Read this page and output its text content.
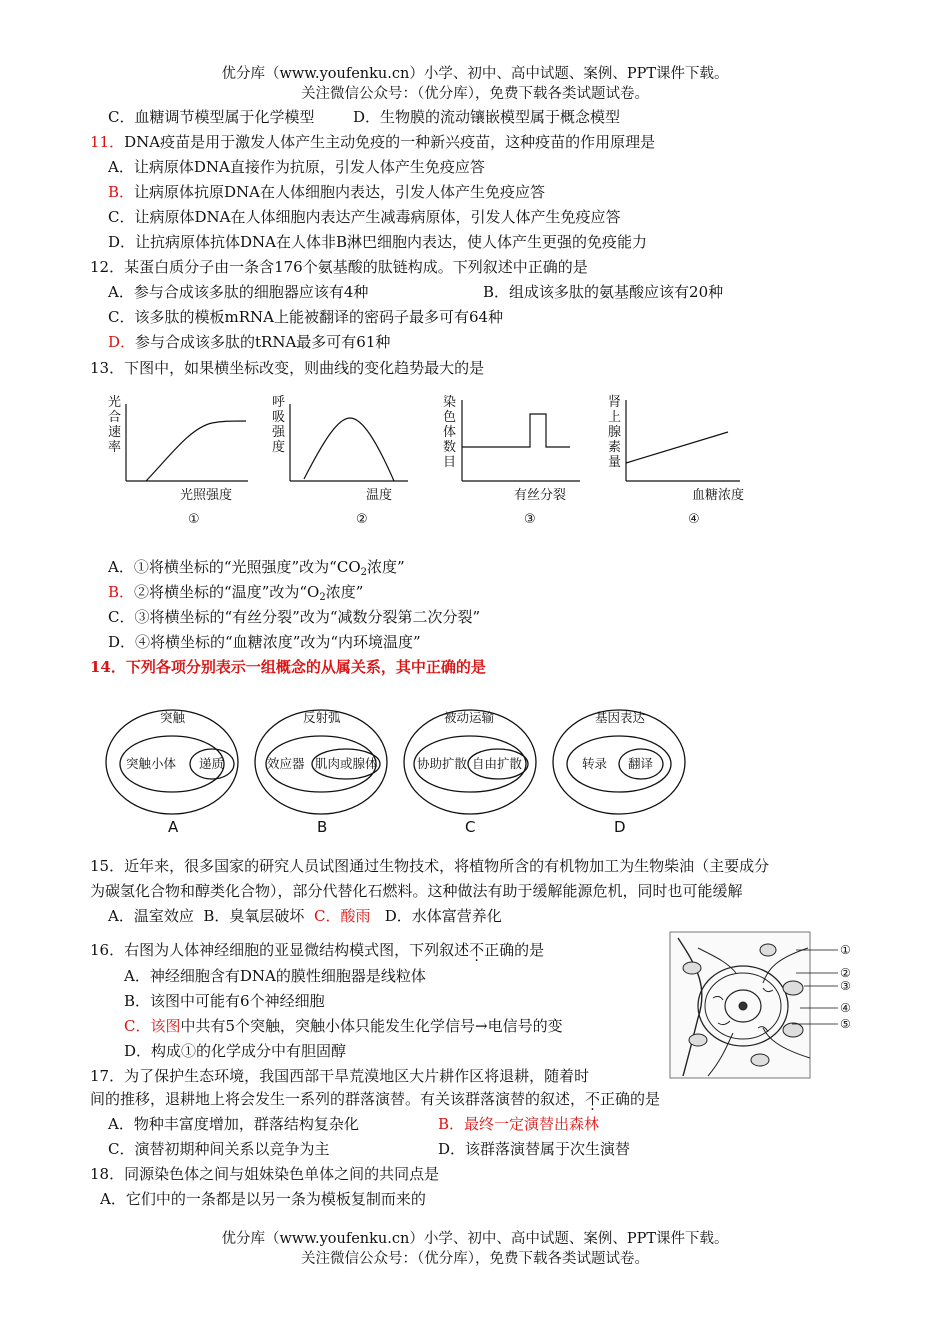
优分库（www.youfenku.cn）小学、初中、高中试题、案例、PPT课件下载。
关注微信公众号：（优分库），免费下载各类试题试卷。
C．血糖调节模型属于化学模型	D．生物膜的流动镶嵌模型属于概念模型
11．DNA疫苗是用于激发人体产生主动免疫的一种新兴疫苗，这种疫苗的作用原理是
A．让病原体DNA直接作为抗原，引发人体产生免疫应答
B．让病原体抗原DNA在人体细胞内表达，引发人体产生免疫应答
C．让病原体DNA在人体细胞内表达产生减毒病原体，引发人体产生免疫应答
D．让抗病原体抗体DNA在人体非B淋巴细胞内表达，使人体产生更强的免疫能力
12．某蛋白质分子由一条含176个氨基酸的肽链构成。下列叙述中正确的是
A．参与合成该多肽的细胞器应该有4种	B．组成该多肽的氨基酸应该有20种
C．该多肽的模板mRNA上能被翻译的密码子最多可有64种
D．参与合成该多肽的tRNA最多可有61种
13．下图中，如果横坐标改变，则曲线的变化趋势最大的是
光
合
速
率
光照强度
①
呼
吸
强
度
温度
②
染
色
体
数
目
有丝分裂
③
肾
上
腺
素
量
血糖浓度
④
A．①将横坐标的“光照强度”改为“$CO_2$浓度”
B．②将横坐标的“温度”改为“$O_2$浓度”
C．③将横坐标的“有丝分裂”改为“减数分裂第二次分裂”
D．④将横坐标的“血糖浓度”改为“内环境温度”
14．下列各项分别表示一组概念的从属关系，其中正确的是
突触
突触小体 递质
A
反射弧
效应器 肌肉或腺体
B
被动运输
协助扩散 自由扩散
C
基因表达
转录 翻译
D
15．近年来，很多国家的研究人员试图通过生物技术，将植物所含的有机物加工为生物柴油（主要成分
为碳氢化合物和醇类化合物），部分代替化石燃料。这种做法有助于缓解能源危机，同时也可能缓解
A．温室效应 B．臭氧层破坏 C．酸雨 D．水体富营养化
16．右图为人体神经细胞的亚显微结构模式图，下列叙述不正确的是
A．神经细胞含有DNA的膜性细胞器是线粒体
B．该图中可能有6个神经细胞
C．该图中共有5个突触，突触小体只能发生化学信号→电信号的变
D．构成①的化学成分中有胆固醇
①
②
③
④
⑤
17．为了保护生态环境，我国西部干旱荒漠地区大片耕作区将退耕，随着时
间的推移，退耕地上将会发生一系列的群落演替。有关该群落演替的叙述，不正确的是
A．物种丰富度增加，群落结构复杂化	B．最终一定演替出森林
C．演替初期种间关系以竞争为主	D．该群落演替属于次生演替
18．同源染色体之间与姐妹染色单体之间的共同点是
A．它们中的一条都是以另一条为模板复制而来的
优分库（www.youfenku.cn）小学、初中、高中试题、案例、PPT课件下载。
关注微信公众号：（优分库），免费下载各类试题试卷。
